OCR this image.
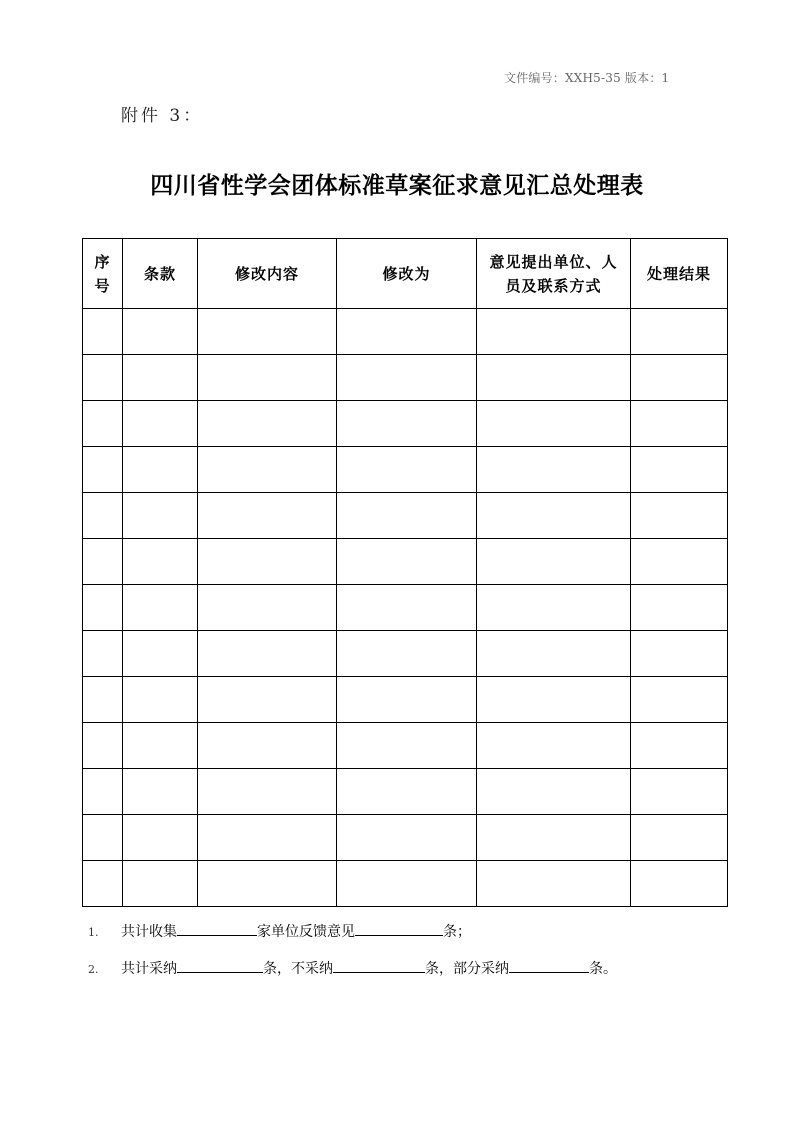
文件编号：XXH5-35 版本：1
附件 3：
四川省性学会团体标准草案征求意见汇总处理表
序号	条款	修改内容	修改为	意见提出单位、人员及联系方式	处理结果

1. 共计收集	家单位反馈意见	条；
2. 共计采纳	条，不采纳	条，部分采纳	条。
